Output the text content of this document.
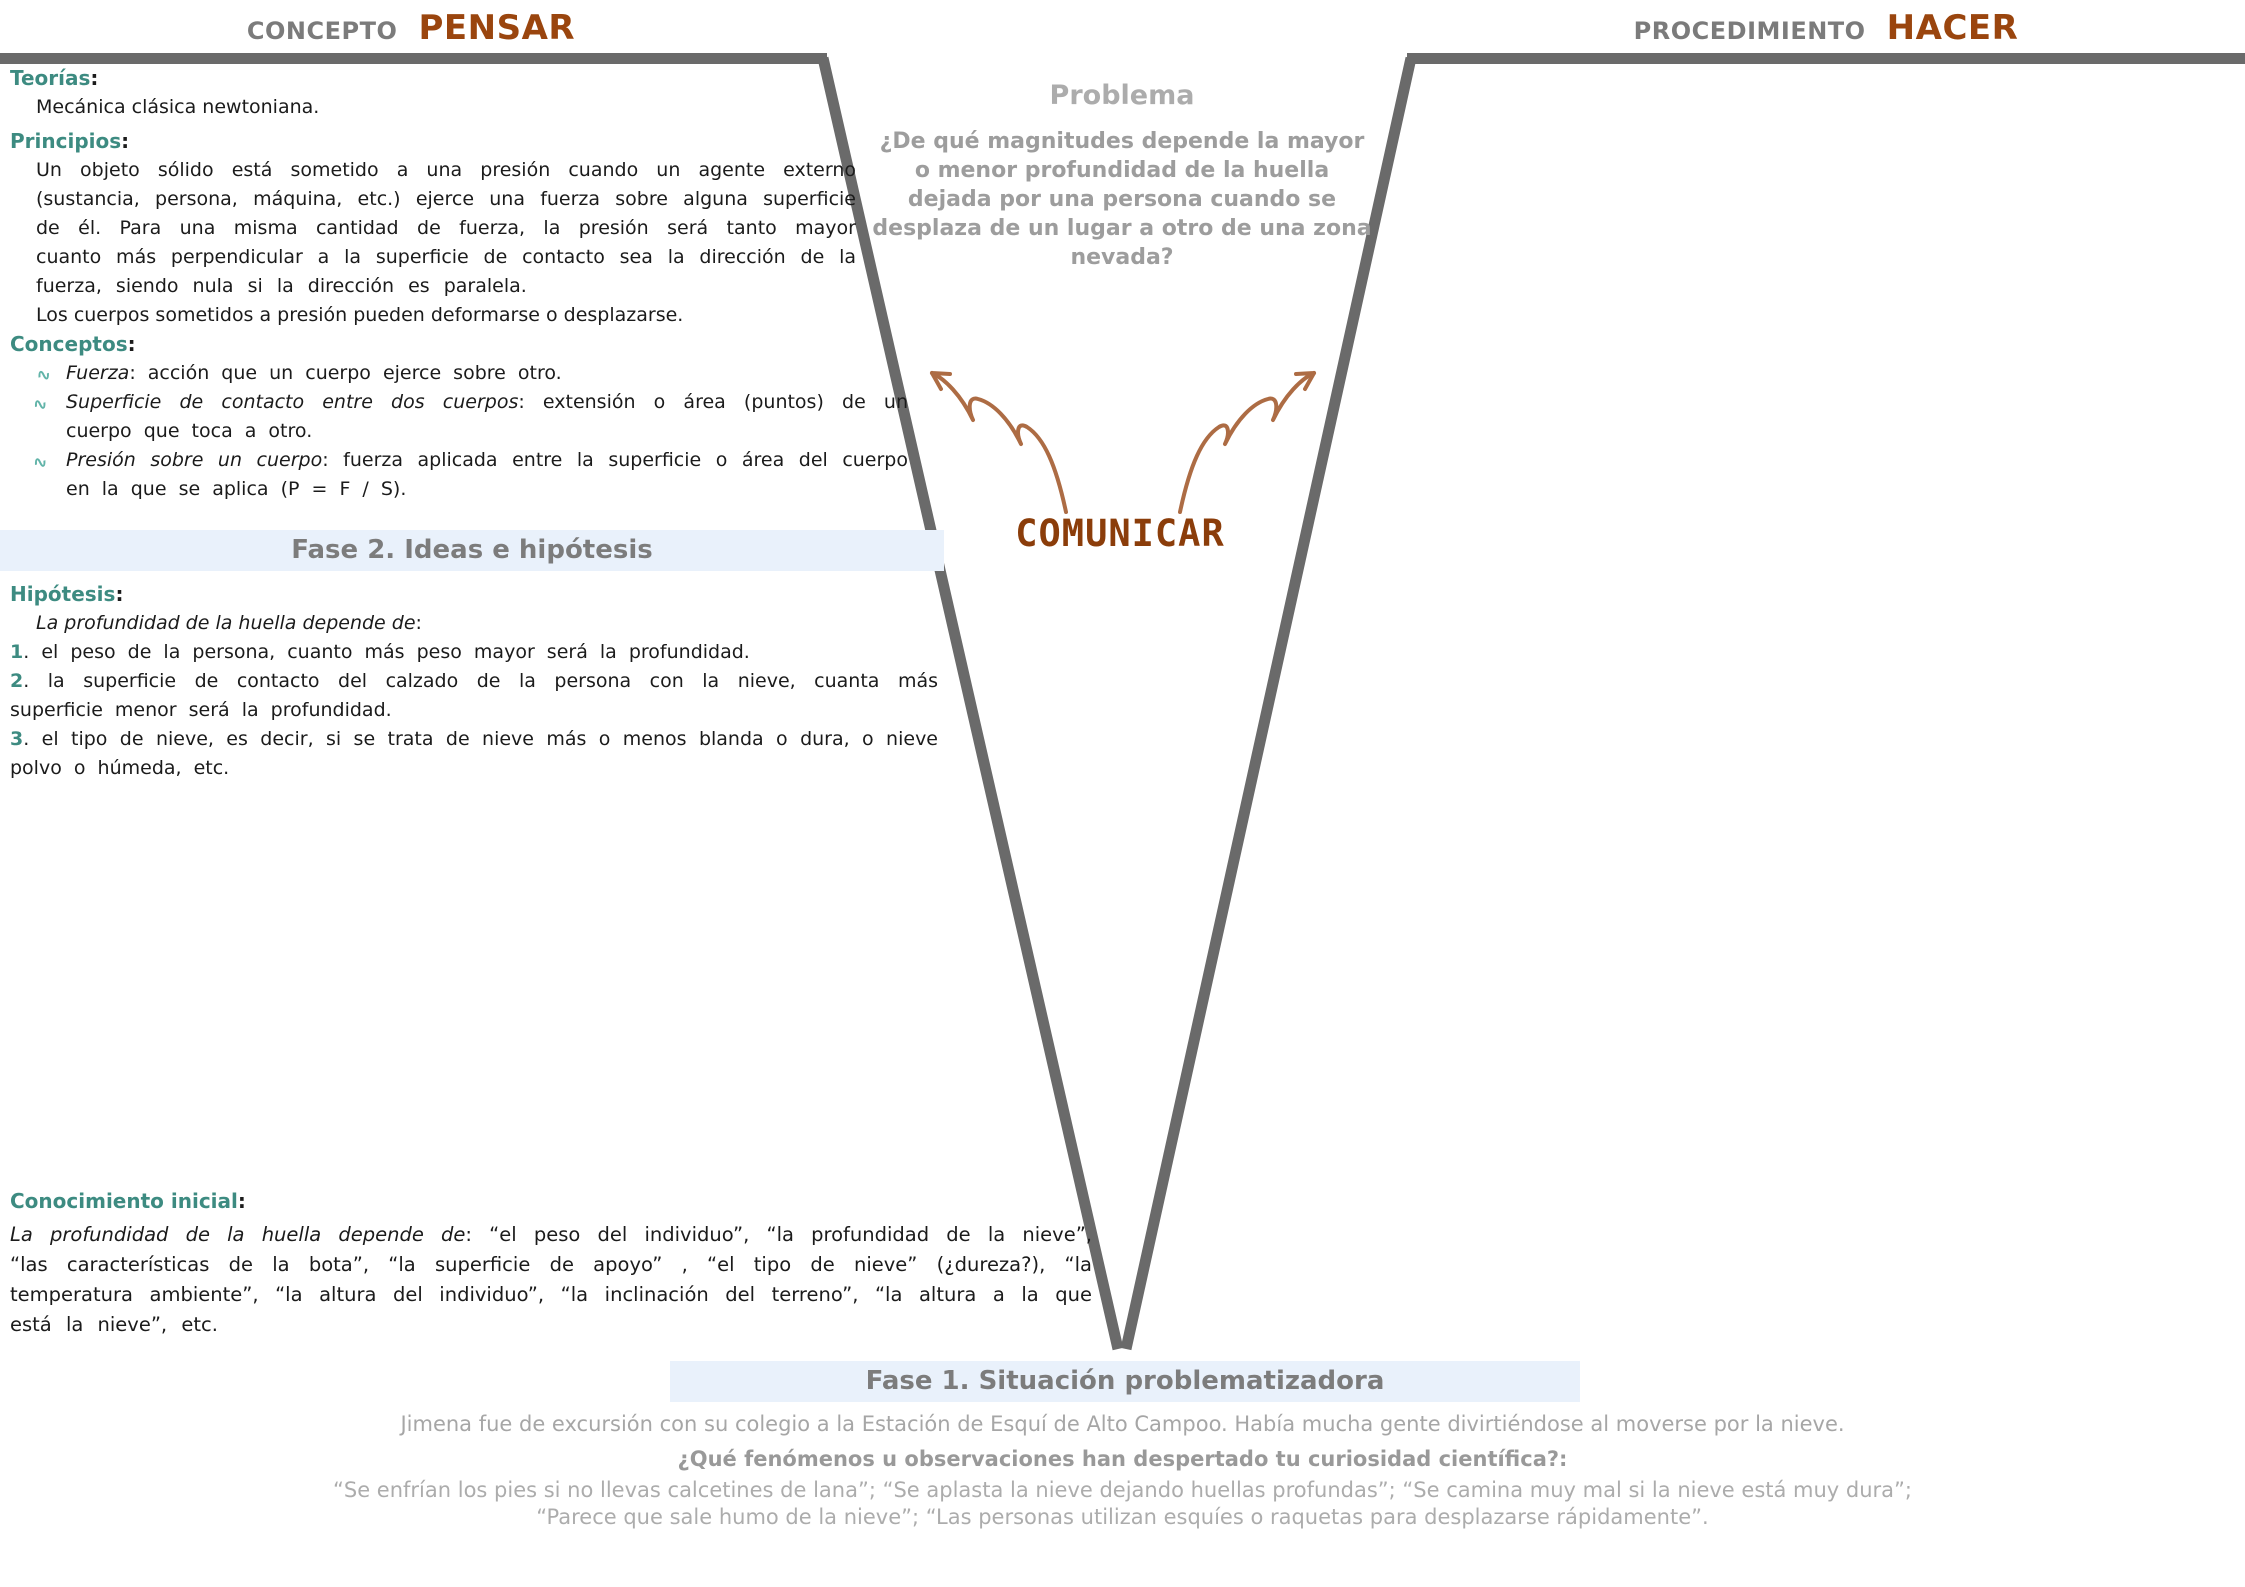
CONCEPTO PENSAR	PROCEDIMIENTO HACER
Problema
¿De qué magnitudes depende la mayor o menor profundidad de la huella dejada por una persona cuando se desplaza de un lugar a otro de una zona nevada?
COMUNICAR

Teorías:

Mecánica clásica newtoniana.

Principios:

Un objeto sólido está sometido a una presión cuando un agente externo (sustancia, persona, máquina, etc.) ejerce una fuerza sobre alguna superficie de él. Para una misma cantidad de fuerza, la presión será tanto mayor cuanto más perpendicular a la superficie de contacto sea la dirección de la fuerza, siendo nula si la dirección es paralela.

Los cuerpos sometidos a presión pueden deformarse o desplazarse.

Conceptos:

∿ Fuerza: acción que un cuerpo ejerce sobre otro.
∿ Superficie de contacto entre dos cuerpos: extensión o área (puntos) de un cuerpo que toca a otro.
∿ Presión sobre un cuerpo: fuerza aplicada entre la superficie o área del cuerpo en la que se aplica (P = F / S).
Fase 2. Ideas e hipótesis

Hipótesis:

La profundidad de la huella depende de:

1. el peso de la persona, cuanto más peso mayor será la profundidad.

2. la superficie de contacto del calzado de la persona con la nieve, cuanta más superficie menor será la profundidad.

3. el tipo de nieve, es decir, si se trata de nieve más o menos blanda o dura, o nieve polvo o húmeda, etc.

Conocimiento inicial:

La profundidad de la huella depende de: “el peso del individuo”, “la profundidad de la nieve”, “las características de la bota”, “la superficie de apoyo” , “el tipo de nieve” (¿dureza?), “la temperatura ambiente”, “la altura del individuo”, “la inclinación del terreno”, “la altura a la que está la nieve”, etc.

Fase 1. Situación problematizadora
Jimena fue de excursión con su colegio a la Estación de Esquí de Alto Campoo. Había mucha gente divirtiéndose al moverse por la nieve.
¿Qué fenómenos u observaciones han despertado tu curiosidad científica?:
“Se enfrían los pies si no llevas calcetines de lana”; “Se aplasta la nieve dejando huellas profundas”; “Se camina muy mal si la nieve está muy dura”;
“Parece que sale humo de la nieve”; “Las personas utilizan esquíes o raquetas para desplazarse rápidamente”.
